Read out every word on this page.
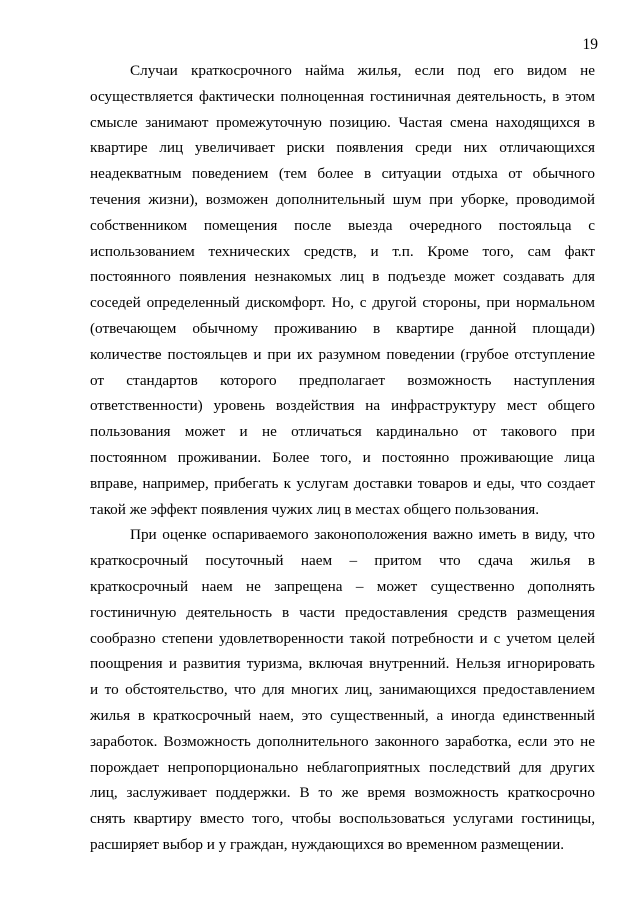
19
Случаи краткосрочного найма жилья, если под его видом не
осуществляется фактически полноценная гостиничная деятельность, в этом
смысле занимают промежуточную позицию. Частая смена находящихся в
квартире лиц увеличивает риски появления среди них отличающихся
неадекватным поведением (тем более в ситуации отдыха от обычного
течения жизни), возможен дополнительный шум при уборке, проводимой
собственником помещения после выезда очередного постояльца с
использованием технических средств, и т.п. Кроме того, сам факт
постоянного появления незнакомых лиц в подъезде может создавать для
соседей определенный дискомфорт. Но, с другой стороны, при нормальном
(отвечающем обычному проживанию в квартире данной площади)
количестве постояльцев и при их разумном поведении (грубое отступление
от стандартов которого предполагает возможность наступления
ответственности) уровень воздействия на инфраструктуру мест общего
пользования может и не отличаться кардинально от такового при
постоянном проживании. Более того, и постоянно проживающие лица
вправе, например, прибегать к услугам доставки товаров и еды, что создает
такой же эффект появления чужих лиц в местах общего пользования.
При оценке оспариваемого законоположения важно иметь в виду, что
краткосрочный посуточный наем – притом что сдача жилья в
краткосрочный наем не запрещена – может существенно дополнять
гостиничную деятельность в части предоставления средств размещения
сообразно степени удовлетворенности такой потребности и с учетом целей
поощрения и развития туризма, включая внутренний. Нельзя игнорировать
и то обстоятельство, что для многих лиц, занимающихся предоставлением
жилья в краткосрочный наем, это существенный, а иногда единственный
заработок. Возможность дополнительного законного заработка, если это не
порождает непропорционально неблагоприятных последствий для других
лиц, заслуживает поддержки. В то же время возможность краткосрочно
снять квартиру вместо того, чтобы воспользоваться услугами гостиницы,
расширяет выбор и у граждан, нуждающихся во временном размещении.
